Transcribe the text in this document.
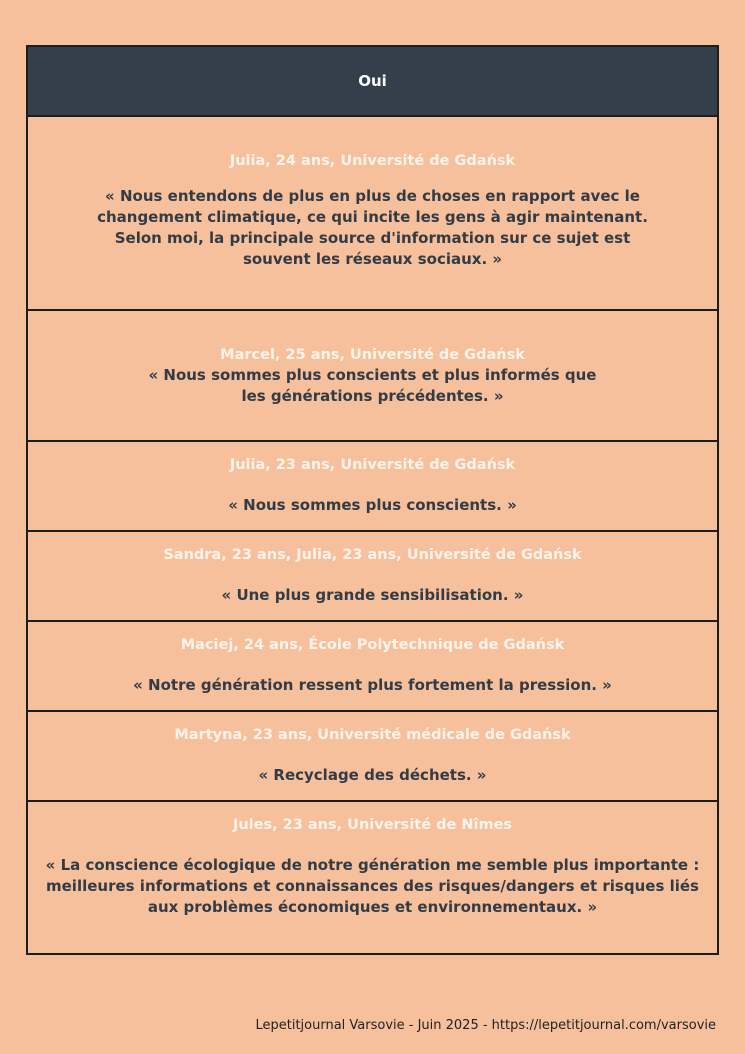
Oui
Julia, 24 ans, Université de Gdańsk
« Nous entendons de plus en plus de choses en rapport avec le changement climatique, ce qui incite les gens à agir maintenant. Selon moi, la principale source d'information sur ce sujet est souvent les réseaux sociaux. »
Marcel, 25 ans, Université de Gdańsk
« Nous sommes plus conscients et plus informés que les générations précédentes. »
Julia, 23 ans, Université de Gdańsk
« Nous sommes plus conscients. »
Sandra, 23 ans, Julia, 23 ans, Université de Gdańsk
« Une plus grande sensibilisation. »
Maciej, 24 ans, École Polytechnique de Gdańsk
« Notre génération ressent plus fortement la pression. »
Martyna, 23 ans, Université médicale de Gdańsk
« Recyclage des déchets. »
Jules, 23 ans, Université de Nîmes
« La conscience écologique de notre génération me semble plus importante : meilleures informations et connaissances des risques/dangers et risques liés aux problèmes économiques et environnementaux. »
Lepetitjournal Varsovie - Juin 2025 - https://lepetitjournal.com/varsovie
